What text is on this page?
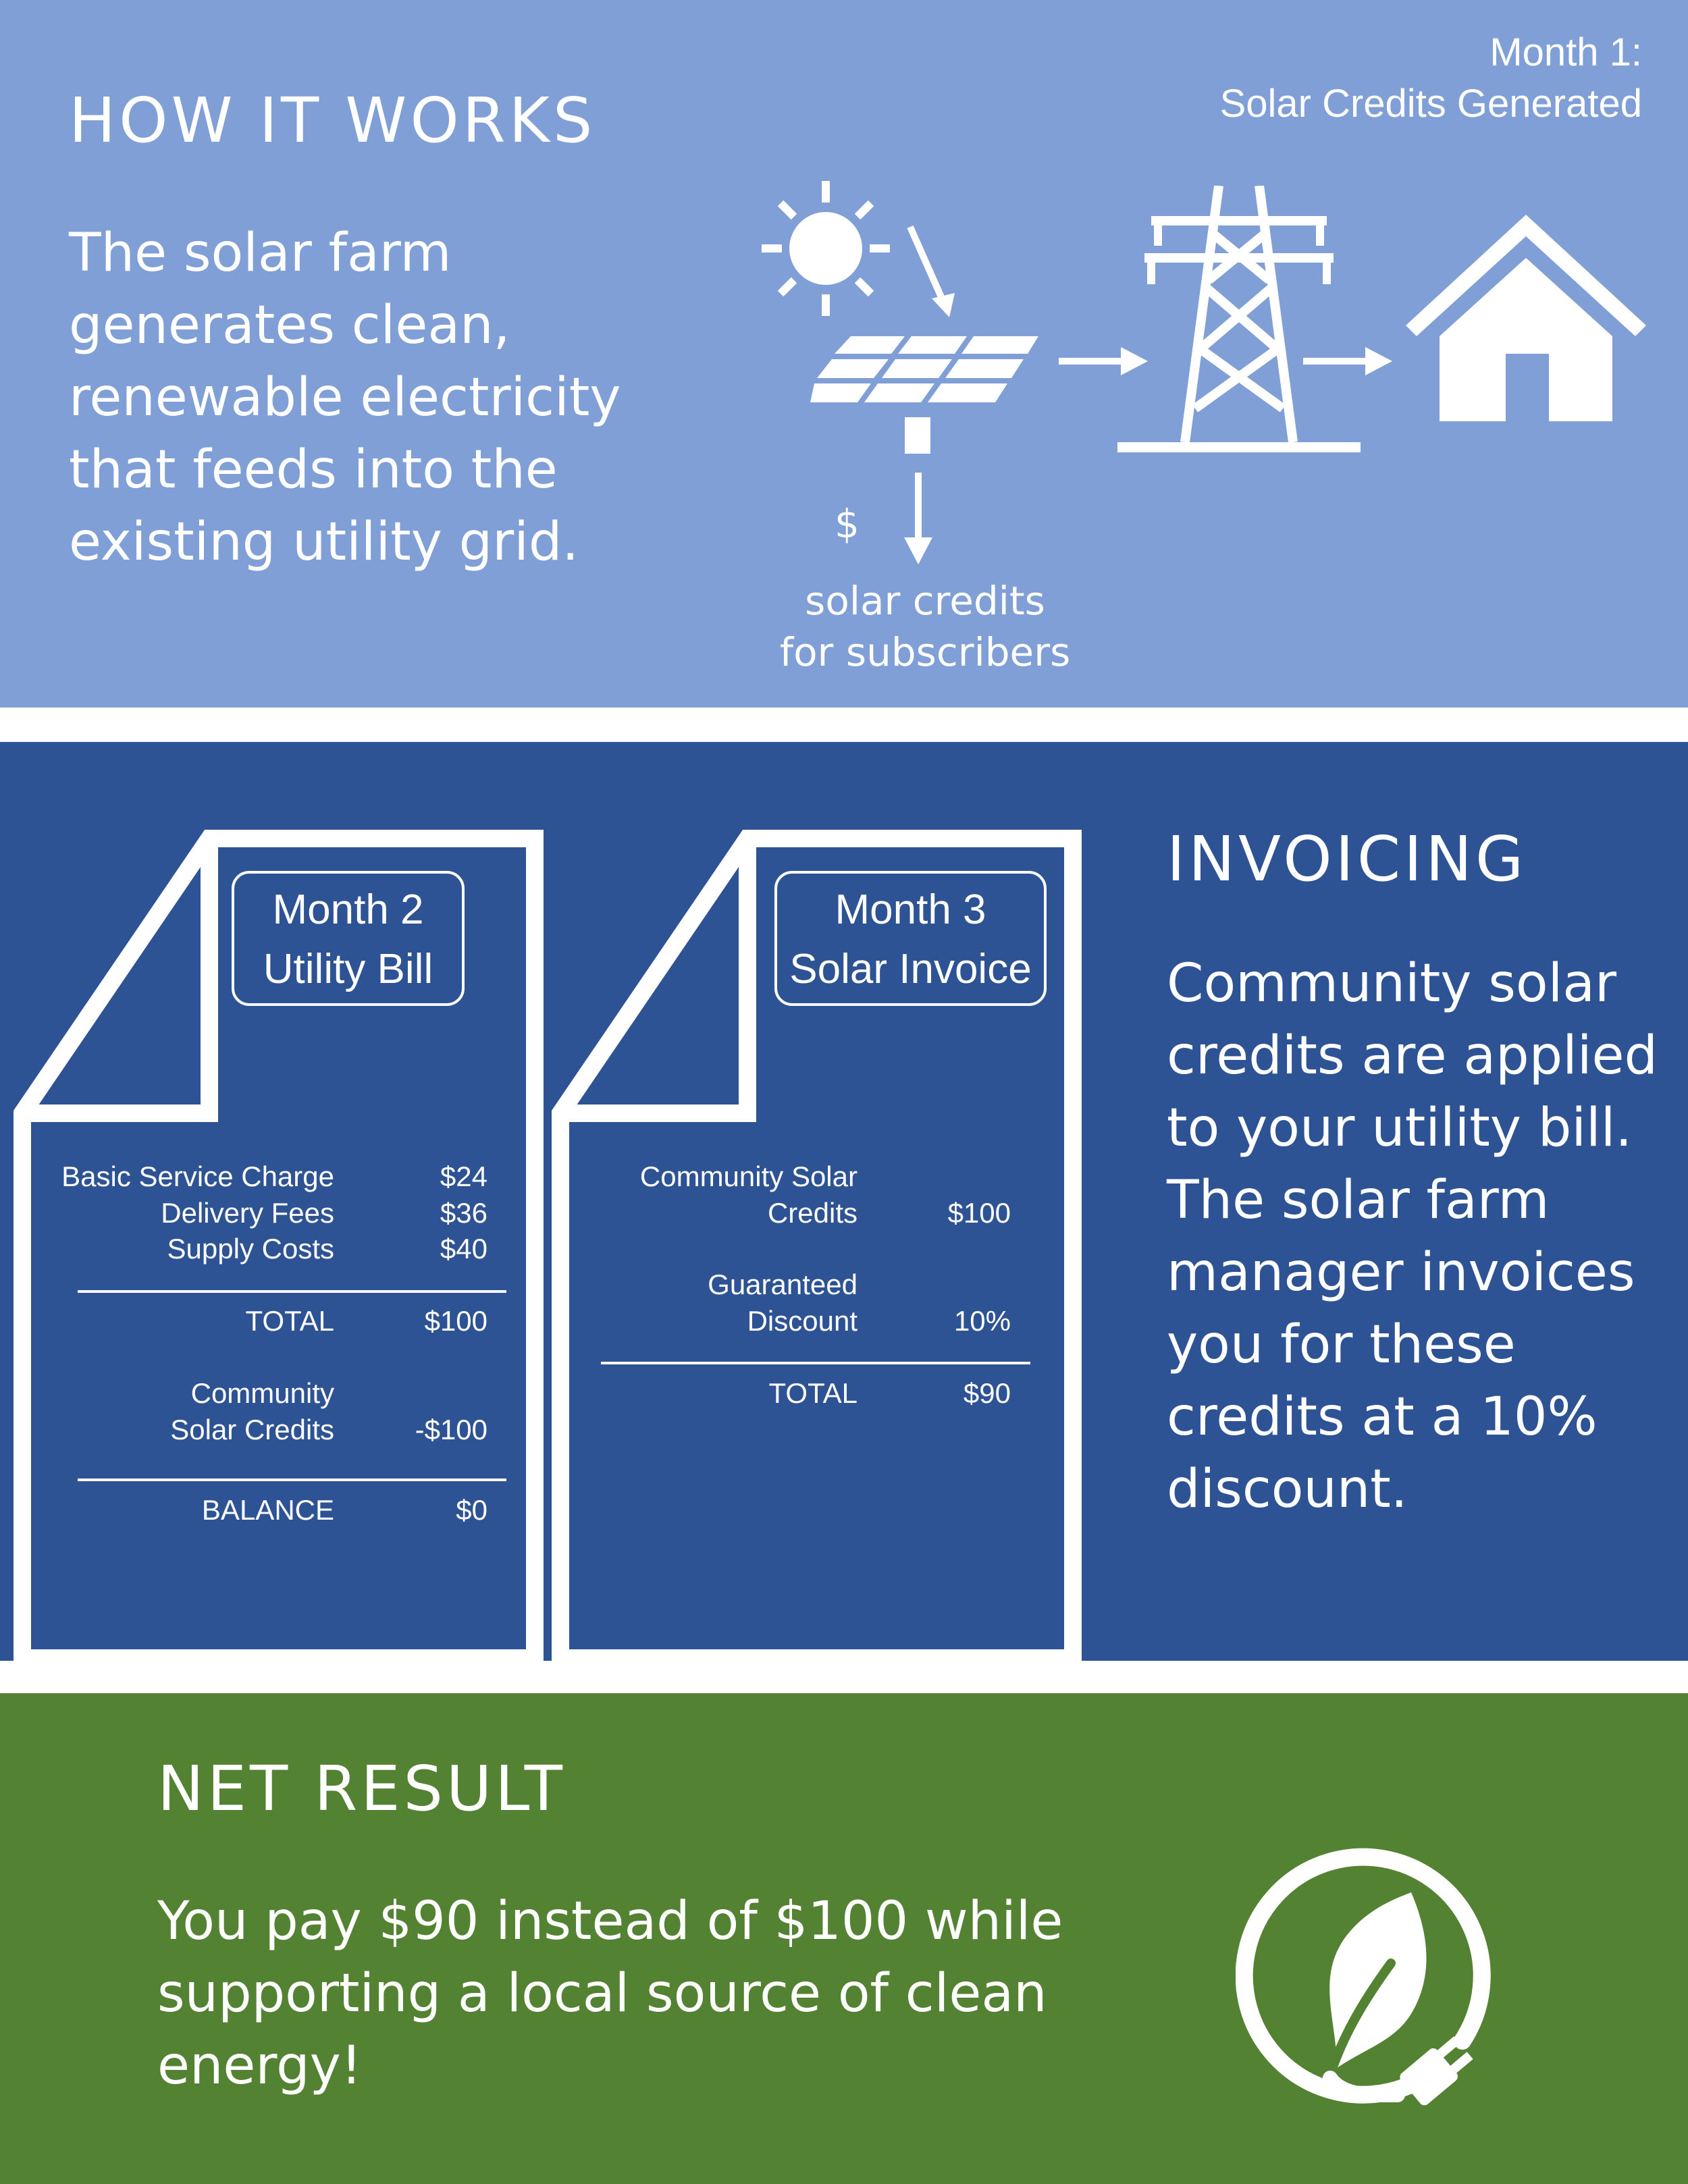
HOW IT WORKS

The solar farm generates clean, renewable electricity that feeds into the existing utility grid.

Month 1:
Solar Credits Generated
$
solar credits
for subscribers
Month 2
Utility Bill
Basic Service Charge	$24
Delivery Fees	$36
Supply Costs	$40
TOTAL	$100
Community
Solar Credits	-$100
BALANCE	$0
Month 3
Solar Invoice
Community Solar
Credits	$100
Guaranteed
Discount	10%
TOTAL	$90
INVOICING

Community solar credits are applied to your utility bill.
The solar farm manager invoices you for these credits at a 10% discount.

NET RESULT

You pay $90 instead of $100 while supporting a local source of clean energy!
